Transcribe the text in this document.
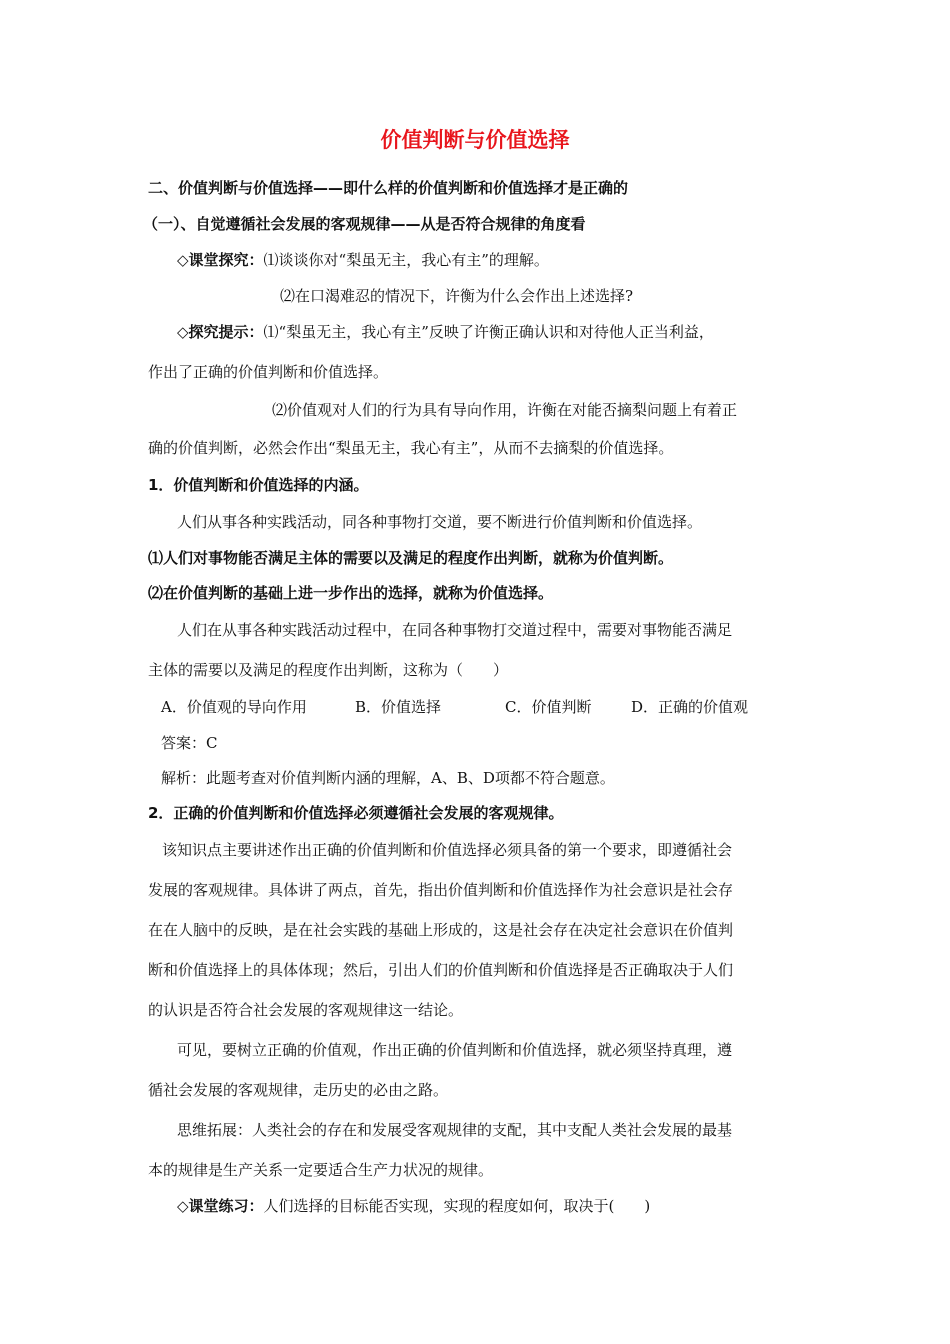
价值判断与价值选择
二、价值判断与价值选择——即什么样的价值判断和价值选择才是正确的
（一）、自觉遵循社会发展的客观规律——从是否符合规律的角度看
◇课堂探究：⑴谈谈你对“梨虽无主，我心有主”的理解。
⑵在口渴难忍的情况下，许衡为什么会作出上述选择?
◇探究提示：⑴“梨虽无主，我心有主”反映了许衡正确认识和对待他人正当利益，
作出了正确的价值判断和价值选择。
⑵价值观对人们的行为具有导向作用，许衡在对能否摘梨问题上有着正
确的价值判断，必然会作出“梨虽无主，我心有主”，从而不去摘梨的价值选择。
1．价值判断和价值选择的内涵。
人们从事各种实践活动，同各种事物打交道，要不断进行价值判断和价值选择。
⑴人们对事物能否满足主体的需要以及满足的程度作出判断，就称为价值判断。
⑵在价值判断的基础上进一步作出的选择，就称为价值选择。
人们在从事各种实践活动过程中，在同各种事物打交道过程中，需要对事物能否满足
主体的需要以及满足的程度作出判断，这称为（　　）
A．价值观的导向作用	B．价值选择	C．价值判断	D．正确的价值观
答案：C
解析：此题考查对价值判断内涵的理解，A、B、D项都不符合题意。
2．正确的价值判断和价值选择必须遵循社会发展的客观规律。
该知识点主要讲述作出正确的价值判断和价值选择必须具备的第一个要求，即遵循社会
发展的客观规律。具体讲了两点，首先，指出价值判断和价值选择作为社会意识是社会存
在在人脑中的反映，是在社会实践的基础上形成的，这是社会存在决定社会意识在价值判
断和价值选择上的具体体现；然后，引出人们的价值判断和价值选择是否正确取决于人们
的认识是否符合社会发展的客观规律这一结论。
可见，要树立正确的价值观，作出正确的价值判断和价值选择，就必须坚持真理，遵
循社会发展的客观规律，走历史的必由之路。
思维拓展：人类社会的存在和发展受客观规律的支配，其中支配人类社会发展的最基
本的规律是生产关系一定要适合生产力状况的规律。
◇课堂练习：人们选择的目标能否实现，实现的程度如何，取决于(　　)
